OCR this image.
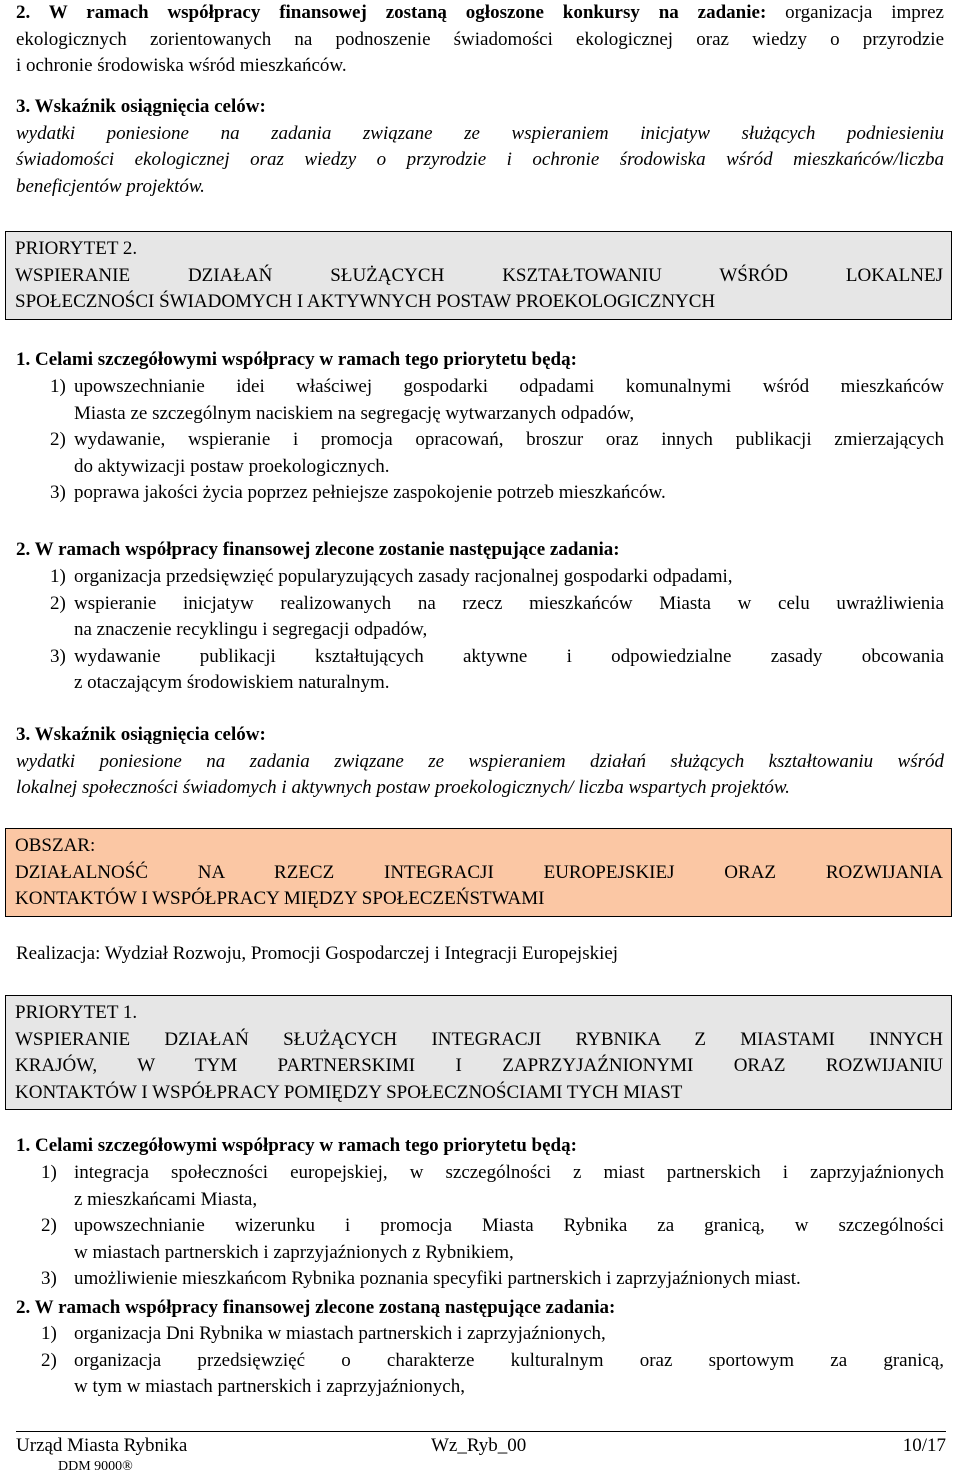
2. W ramach współpracy finansowej zostaną ogłoszone konkursy na zadanie: organizacja imprez

ekologicznych zorientowanych na podnoszenie świadomości ekologicznej oraz wiedzy o przyrodzie

i ochronie środowiska wśród mieszkańców.

3. Wskaźnik osiągnięcia celów:

wydatki poniesione na zadania związane ze wspieraniem inicjatyw służących podniesieniu

świadomości ekologicznej oraz wiedzy o przyrodzie i ochronie środowiska wśród mieszkańców/liczba

beneficjentów projektów.

PRIORYTET 2.

WSPIERANIE DZIAŁAŃ SŁUŻĄCYCH KSZTAŁTOWANIU WŚRÓD LOKALNEJ

SPOŁECZNOŚCI ŚWIADOMYCH I AKTYWNYCH POSTAW PROEKOLOGICZNYCH

1. Celami szczegółowymi współpracy w ramach tego priorytetu będą:

1) upowszechnianie idei właściwej gospodarki odpadami komunalnymi wśród mieszkańców
Miasta ze szczególnym naciskiem na segregację wytwarzanych odpadów,
2) wydawanie, wspieranie i promocja opracowań, broszur oraz innych publikacji zmierzających
do aktywizacji postaw proekologicznych.
3) poprawa jakości życia poprzez pełniejsze zaspokojenie potrzeb mieszkańców.

2. W ramach współpracy finansowej zlecone zostanie następujące zadania:

1) organizacja przedsięwzięć popularyzujących zasady racjonalnej gospodarki odpadami,
2) wspieranie inicjatyw realizowanych na rzecz mieszkańców Miasta w celu uwrażliwienia
na znaczenie recyklingu i segregacji odpadów,
3) wydawanie publikacji kształtujących aktywne i odpowiedzialne zasady obcowania
z otaczającym środowiskiem naturalnym.

3. Wskaźnik osiągnięcia celów:

wydatki poniesione na zadania związane ze wspieraniem działań służących kształtowaniu wśród

lokalnej społeczności świadomych i aktywnych postaw proekologicznych/ liczba wspartych projektów.

OBSZAR:

DZIAŁALNOŚĆ NA RZECZ INTEGRACJI EUROPEJSKIEJ ORAZ ROZWIJANIA

KONTAKTÓW I WSPÓŁPRACY MIĘDZY SPOŁECZEŃSTWAMI

Realizacja: Wydział Rozwoju, Promocji Gospodarczej i Integracji Europejskiej

PRIORYTET 1.

WSPIERANIE DZIAŁAŃ SŁUŻĄCYCH INTEGRACJI RYBNIKA Z MIASTAMI INNYCH

KRAJÓW, W TYM PARTNERSKIMI I ZAPRZYJAŹNIONYMI ORAZ ROZWIJANIU

KONTAKTÓW I WSPÓŁPRACY POMIĘDZY SPOŁECZNOŚCIAMI TYCH MIAST

1. Celami szczegółowymi współpracy w ramach tego priorytetu będą:

1) integracja społeczności europejskiej, w szczególności z miast partnerskich i zaprzyjaźnionych
z mieszkańcami Miasta,
2) upowszechnianie wizerunku i promocja Miasta Rybnika za granicą, w szczególności
w miastach partnerskich i zaprzyjaźnionych z Rybnikiem,
3) umożliwienie mieszkańcom Rybnika poznania specyfiki partnerskich i zaprzyjaźnionych miast.

2. W ramach współpracy finansowej zlecone zostaną następujące zadania:

1) organizacja Dni Rybnika w miastach partnerskich i zaprzyjaźnionych,
2) organizacja przedsięwzięć o charakterze kulturalnym oraz sportowym za granicą,
w tym w miastach partnerskich i zaprzyjaźnionych,
Urząd Miasta Rybnika	Wz_Ryb_00	10/17
DDM 9000®
